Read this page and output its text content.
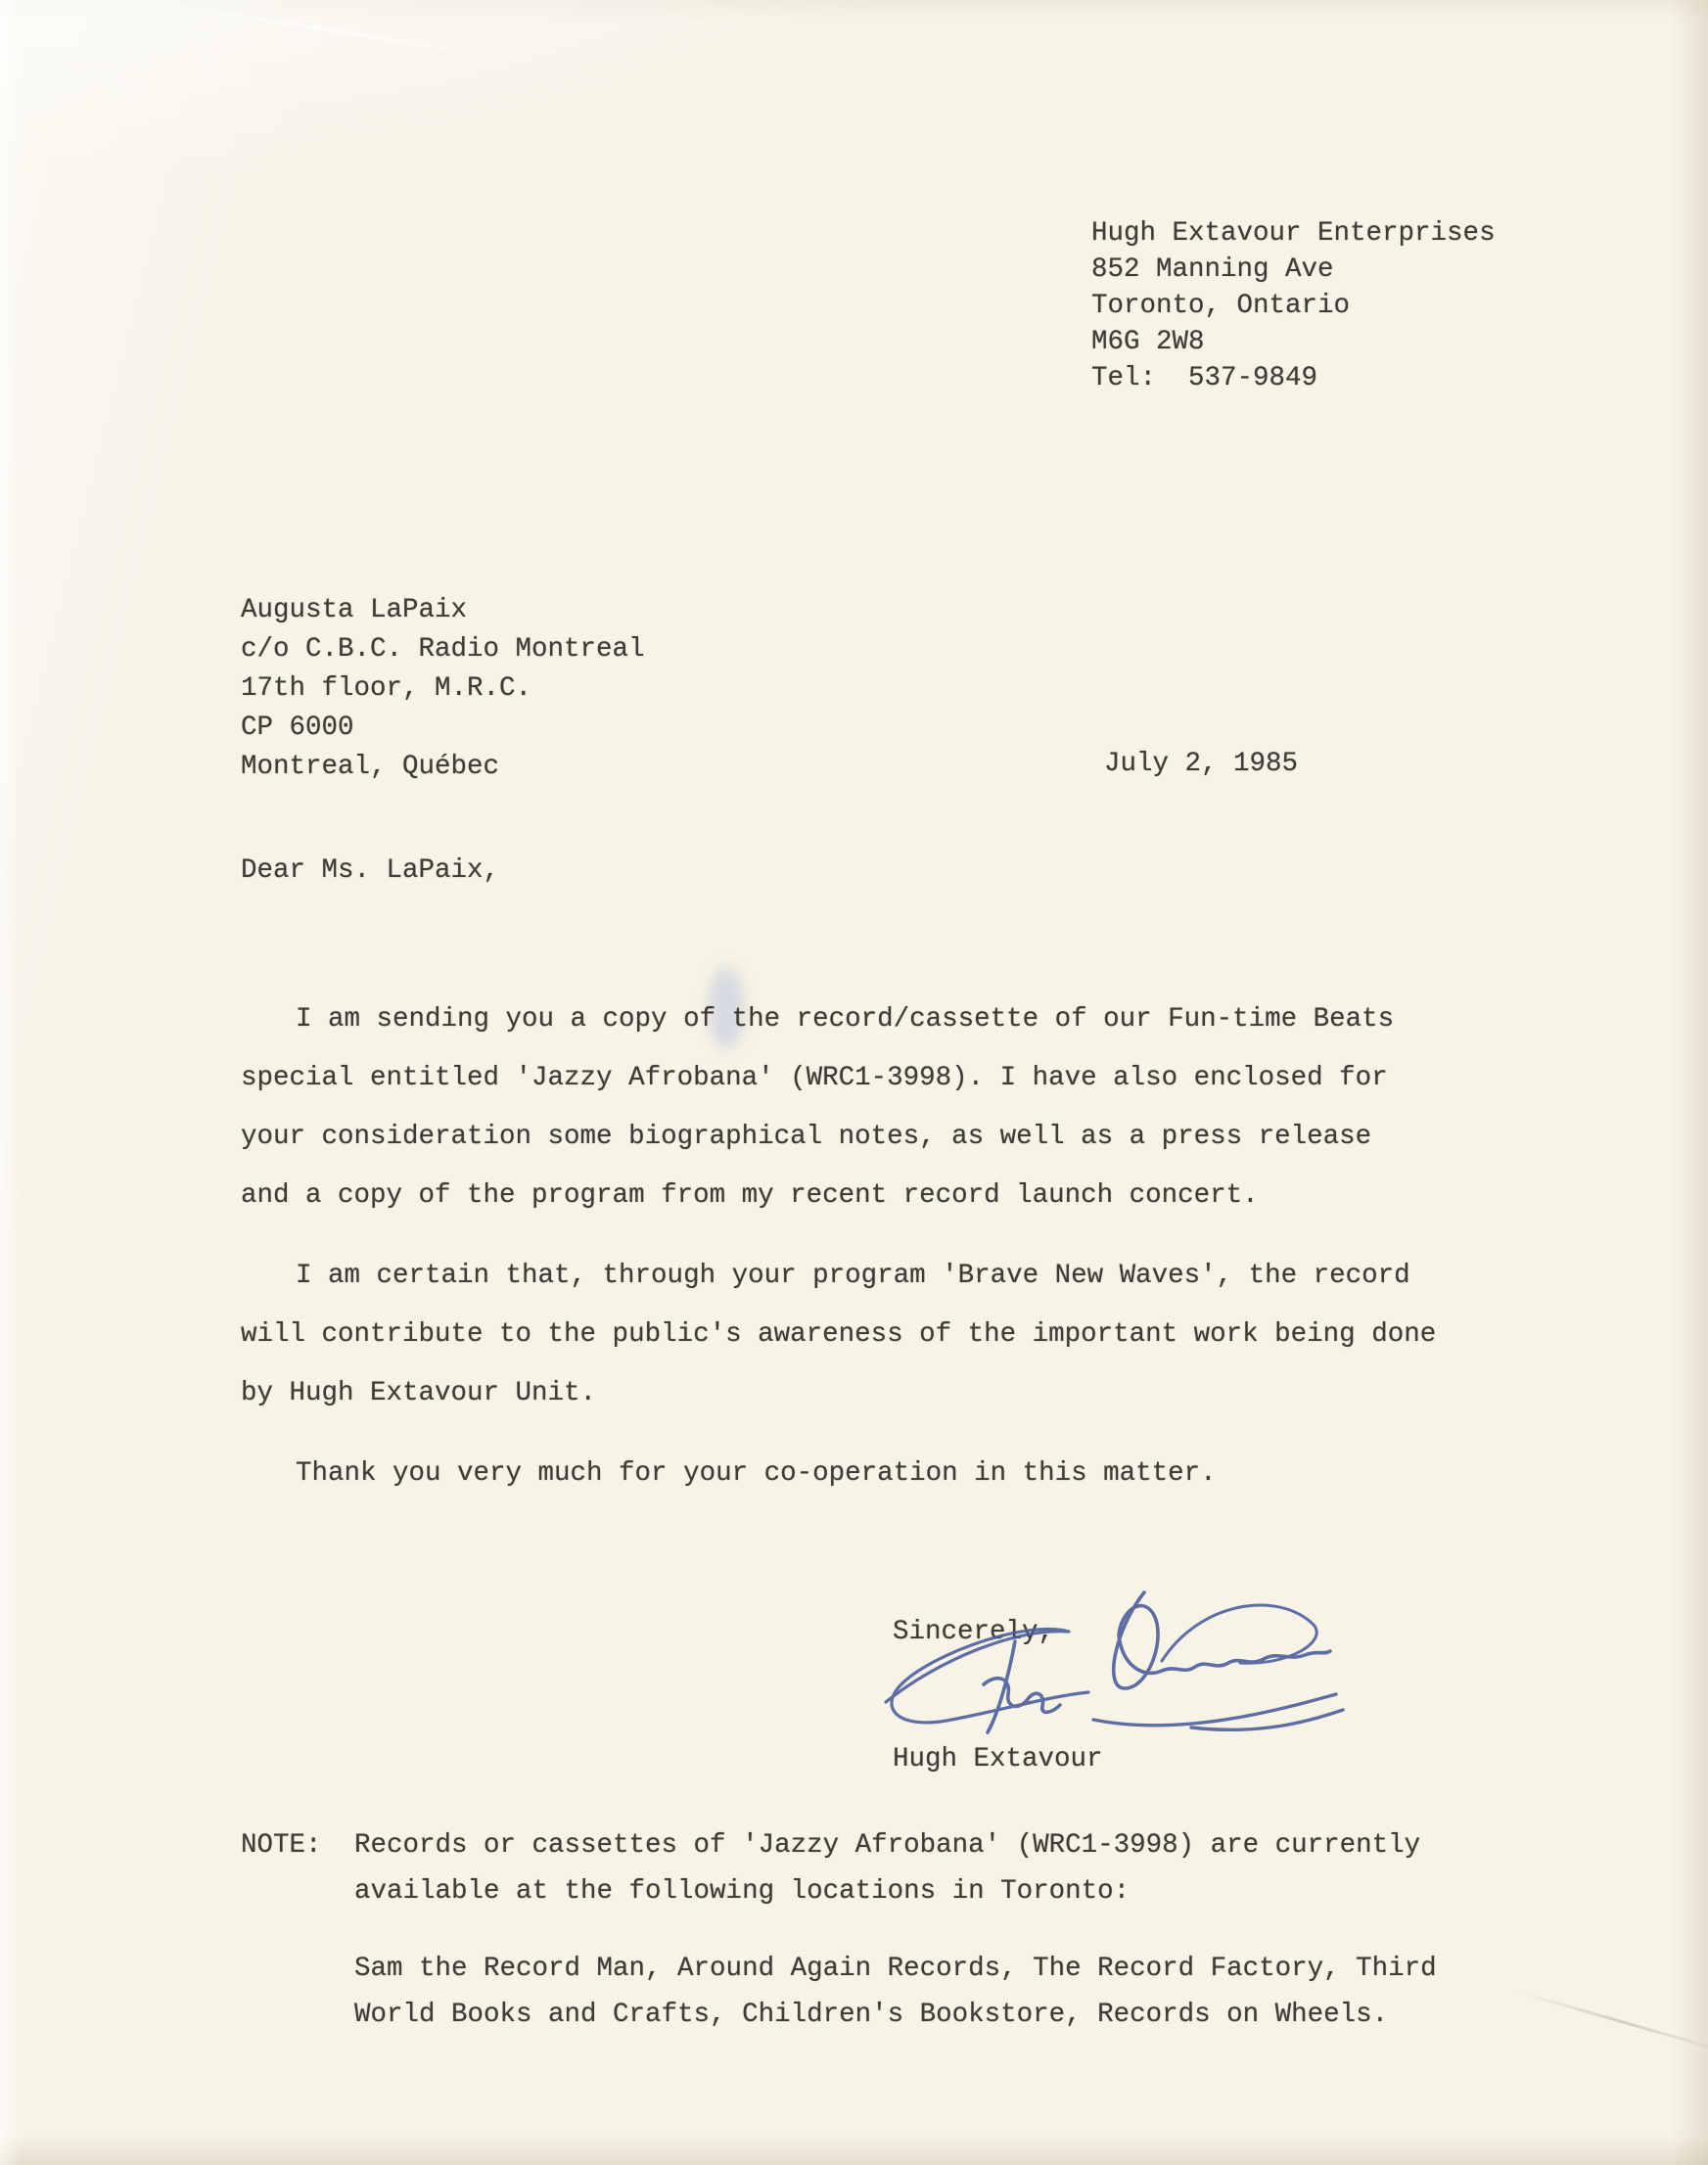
Hugh Extavour Enterprises
852 Manning Ave
Toronto, Ontario
M6G 2W8
Tel:  537-9849
Augusta LaPaix
c/o C.B.C. Radio Montreal
17th floor, M.R.C.
CP 6000
Montreal, Québec	July 2, 1985
Dear Ms. LaPaix,
I am sending you a copy of the record/cassette of our Fun-time Beats
special entitled 'Jazzy Afrobana' (WRC1-3998). I have also enclosed for
your consideration some biographical notes, as well as a press release
and a copy of the program from my recent record launch concert.
I am certain that, through your program 'Brave New Waves', the record
will contribute to the public's awareness of the important work being done
by Hugh Extavour Unit.
Thank you very much for your co-operation in this matter.
Sincerely,
Hugh Extavour
NOTE: Records or cassettes of 'Jazzy Afrobana' (WRC1-3998) are currently
available at the following locations in Toronto:
Sam the Record Man, Around Again Records, The Record Factory, Third
World Books and Crafts, Children's Bookstore, Records on Wheels.
